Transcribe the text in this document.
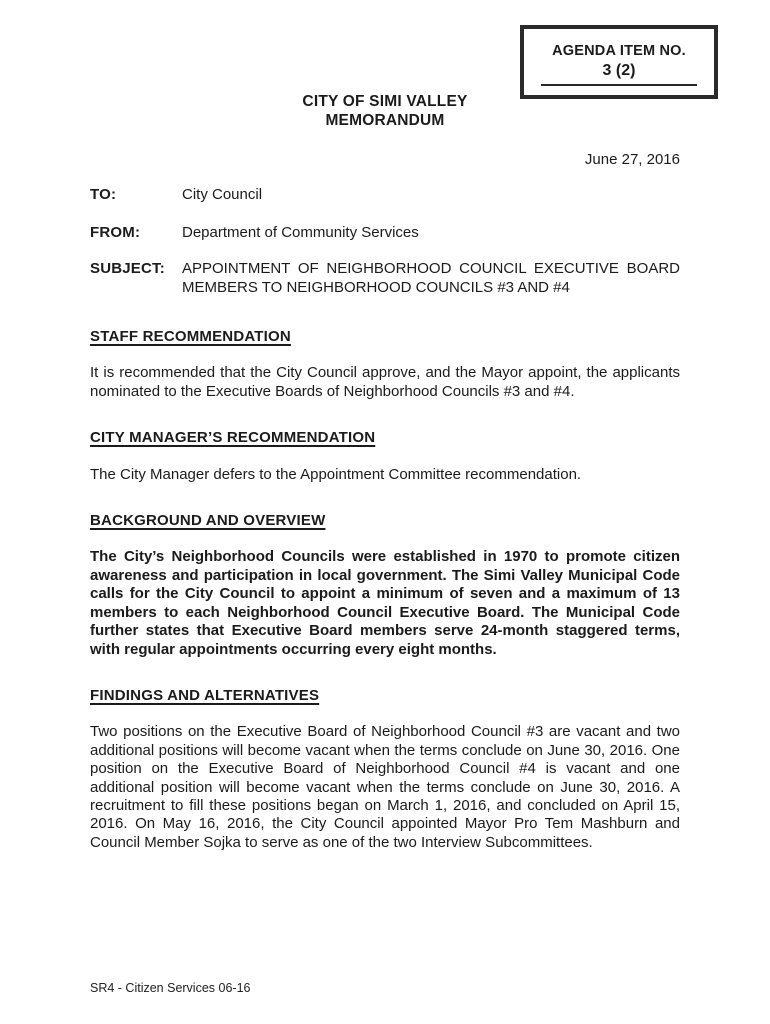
AGENDA ITEM NO.
3 (2)
CITY OF SIMI VALLEY
MEMORANDUM
June 27, 2016
TO:	City Council
FROM:	Department of Community Services
SUBJECT:	APPOINTMENT OF NEIGHBORHOOD COUNCIL EXECUTIVE BOARD MEMBERS TO NEIGHBORHOOD COUNCILS #3 AND #4
STAFF RECOMMENDATION

It is recommended that the City Council approve, and the Mayor appoint, the applicants nominated to the Executive Boards of Neighborhood Councils #3 and #4.

CITY MANAGER’S RECOMMENDATION

The City Manager defers to the Appointment Committee recommendation.

BACKGROUND AND OVERVIEW

The City’s Neighborhood Councils were established in 1970 to promote citizen awareness and participation in local government. The Simi Valley Municipal Code calls for the City Council to appoint a minimum of seven and a maximum of 13 members to each Neighborhood Council Executive Board. The Municipal Code further states that Executive Board members serve 24-month staggered terms, with regular appointments occurring every eight months.

FINDINGS AND ALTERNATIVES

Two positions on the Executive Board of Neighborhood Council #3 are vacant and two additional positions will become vacant when the terms conclude on June 30, 2016. One position on the Executive Board of Neighborhood Council #4 is vacant and one additional position will become vacant when the terms conclude on June 30, 2016. A recruitment to fill these positions began on March 1, 2016, and concluded on April 15, 2016. On May 16, 2016, the City Council appointed Mayor Pro Tem Mashburn and Council Member Sojka to serve as one of the two Interview Subcommittees.

SR4 - Citizen Services 06-16
